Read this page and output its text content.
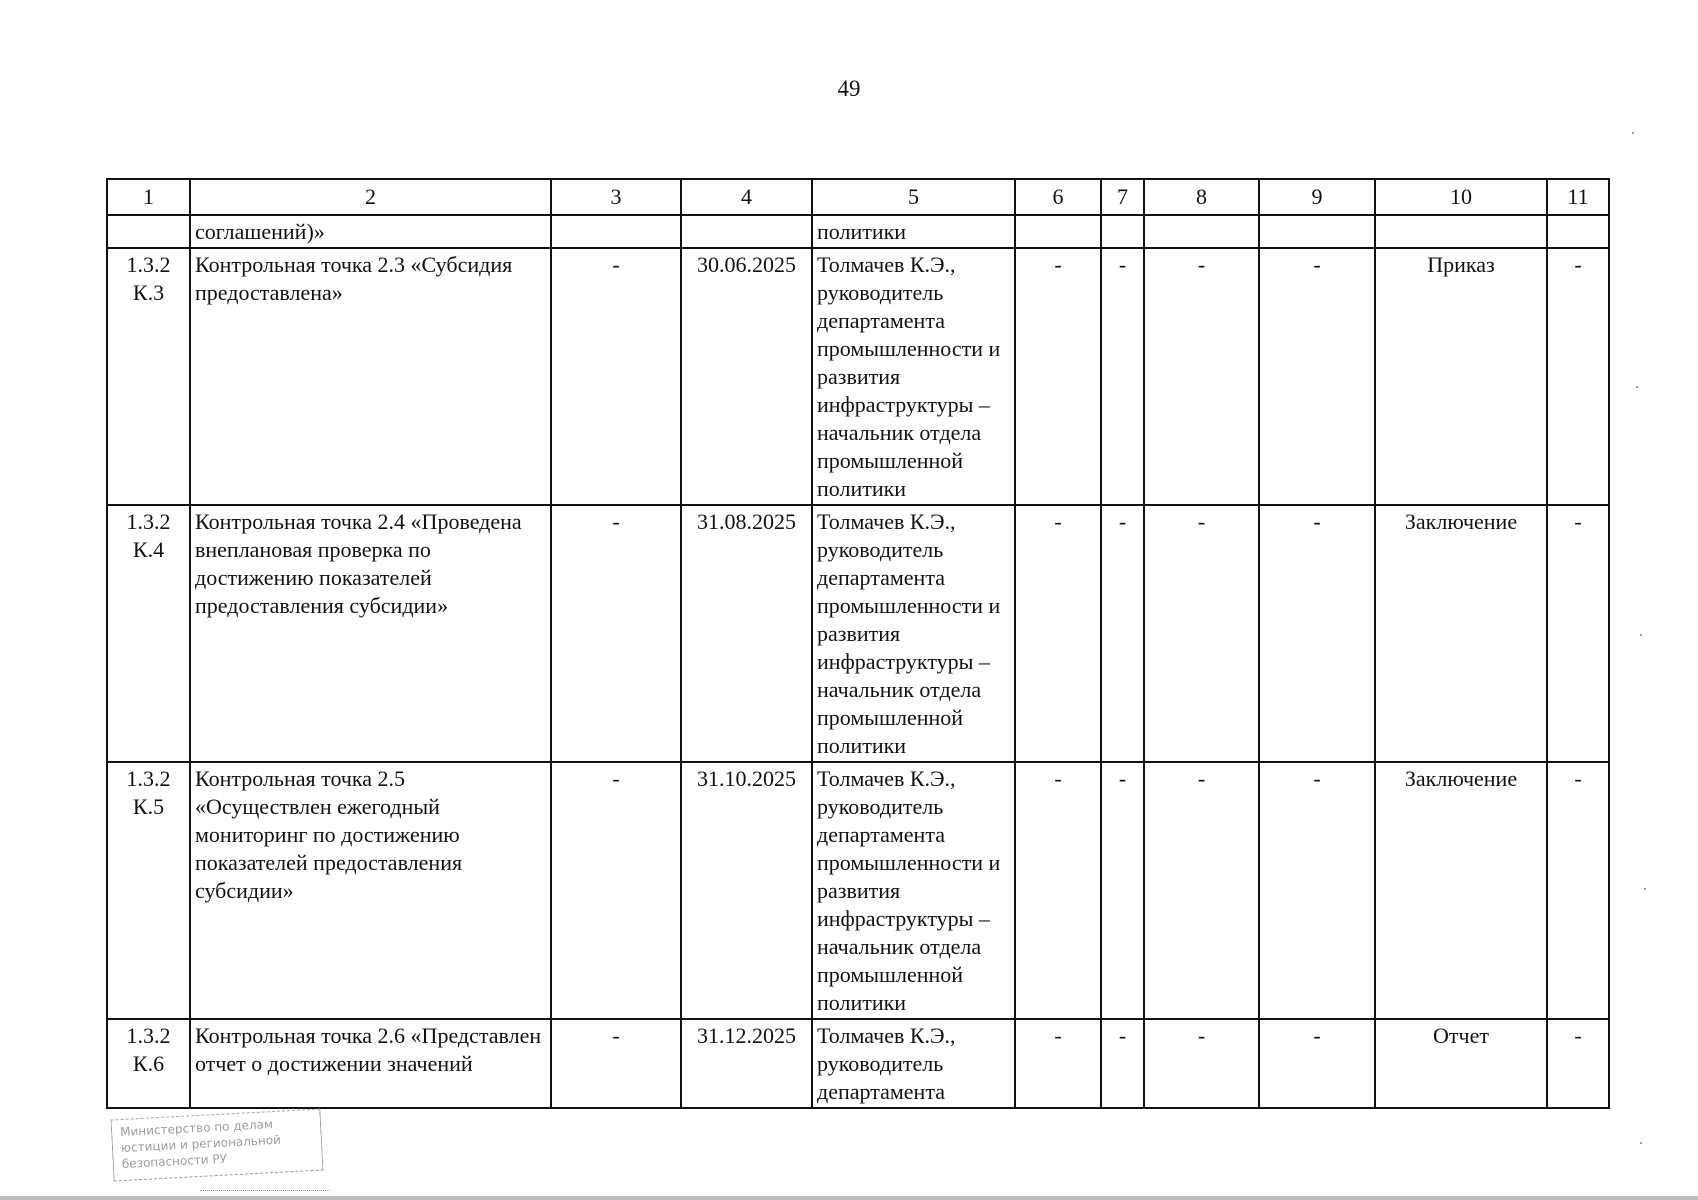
49
1	2	3	4	5	6	7	8	9	10	11
	соглашений)»			политики						
1.3.2 К.3	Контрольная точка 2.3 «Субсидия предоставлена»	-	30.06.2025	Толмачев К.Э., руководитель департамента промышленности и развития инфраструктуры – начальник отдела промышленной политики	-	-	-	-	Приказ	-
1.3.2 К.4	Контрольная точка 2.4 «Проведена внеплановая проверка по достижению показателей предоставления субсидии»	-	31.08.2025	Толмачев К.Э., руководитель департамента промышленности и развития инфраструктуры – начальник отдела промышленной политики	-	-	-	-	Заключение	-
1.3.2 К.5	Контрольная точка 2.5 «Осуществлен ежегодный мониторинг по достижению показателей предоставления субсидии»	-	31.10.2025	Толмачев К.Э., руководитель департамента промышленности и развития инфраструктуры – начальник отдела промышленной политики	-	-	-	-	Заключение	-
1.3.2 К.6	Контрольная точка 2.6 «Представлен отчет о достижении значений	-	31.12.2025	Толмачев К.Э., руководитель департамента	-	-	-	-	Отчет	-
Министерство по делам
юстиции и региональной
безопасности РУ
